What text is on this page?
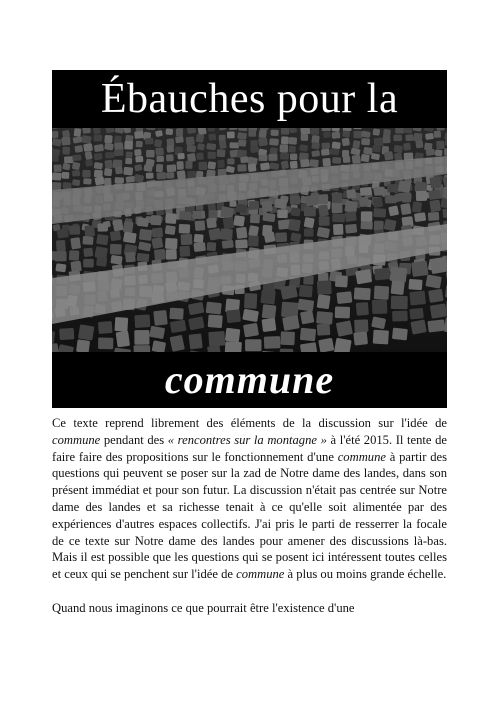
Ébauches pour la
commune

Ce texte reprend librement des éléments de la discussion sur l'idée de commune pendant des « rencontres sur la montagne » à l'été 2015. Il tente de faire faire des propositions sur le fonctionnement d'une commune à partir des questions qui peuvent se poser sur la zad de Notre dame des landes, dans son présent immédiat et pour son futur. La discussion n'était pas centrée sur Notre dame des landes et sa richesse tenait à ce qu'elle soit alimentée par des expériences d'autres espaces collectifs. J'ai pris le parti de resserrer la focale de ce texte sur Notre dame des landes pour amener des discussions là-bas. Mais il est possible que les questions qui se posent ici intéressent toutes celles et ceux qui se penchent sur l'idée de commune à plus ou moins grande échelle.

Quand nous imaginons ce que pourrait être l'existence d'une
